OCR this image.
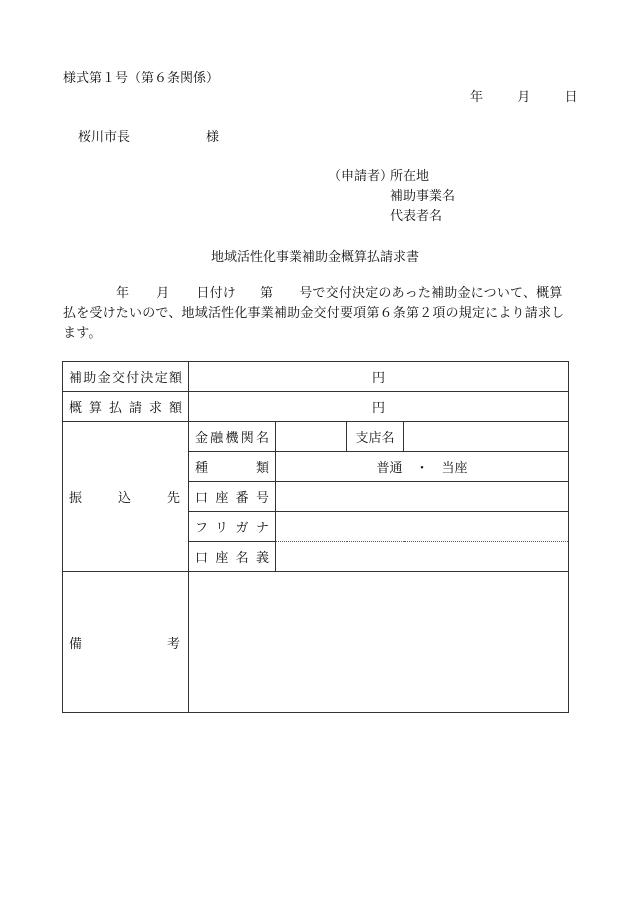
様式第１号（第６条関係）
年	月	日
桜川市長	様
（申請者）
所在地
補助事業名
代表者名
地域活性化事業補助金概算払請求書
年 月 日付け 第 号で交付決定のあった補助金について、概算払を受けたいので、地域活性化事業補助金交付要項第６条第２項の規定により請求します。
補助金交付決定額	円			
概算払請求額	円			
振込先	金融機関名		支店名	
	種類	普通　・　当座		
	口座番号			
	フリガナ			
	口座名義			
備考				
